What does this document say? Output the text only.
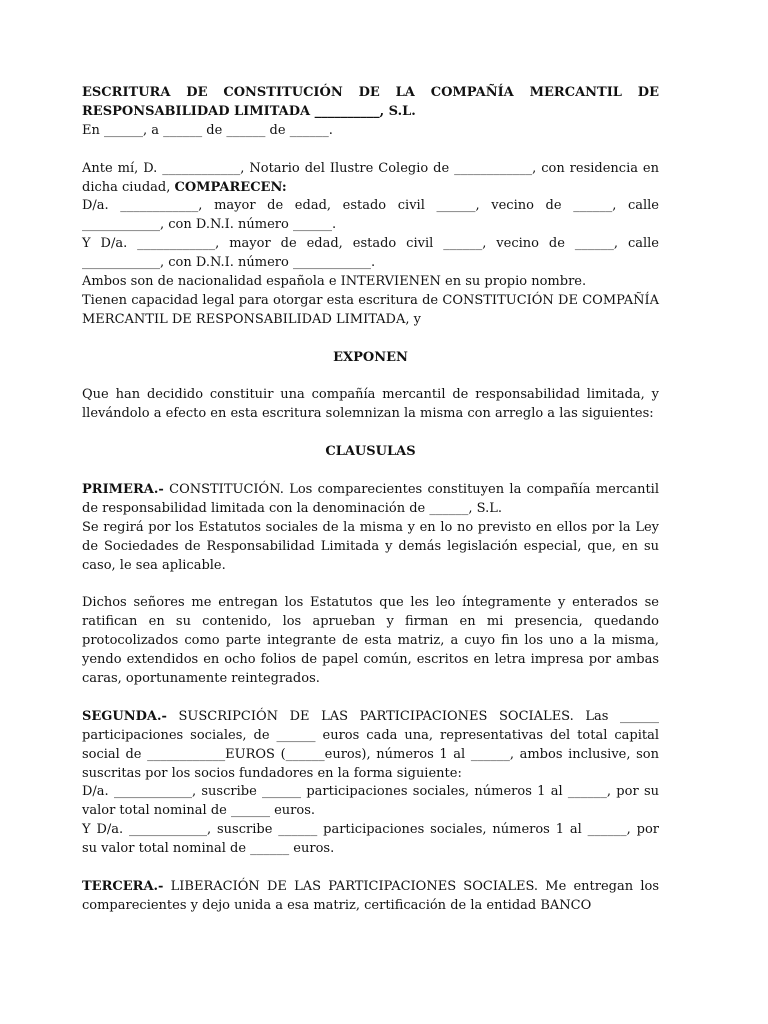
ESCRITURA DE CONSTITUCIÓN DE LA COMPAÑÍA MERCANTIL DE RESPONSABILIDAD LIMITADA __________, S.L.

En ______, a ______ de ______ de ______.

Ante mí, D. ____________, Notario del Ilustre Colegio de ____________, con residencia en dicha ciudad, COMPARECEN:

D/a. ____________, mayor de edad, estado civil ______, vecino de ______, calle ____________, con D.N.I. número ______.

Y D/a. ____________, mayor de edad, estado civil ______, vecino de ______, calle ____________, con D.N.I. número ____________.

Ambos son de nacionalidad española e INTERVIENEN en su propio nombre.

Tienen capacidad legal para otorgar esta escritura de CONSTITUCIÓN DE COMPAÑÍA MERCANTIL DE RESPONSABILIDAD LIMITADA, y

EXPONEN

Que han decidido constituir una compañía mercantil de responsabilidad limitada, y llevándolo a efecto en esta escritura solemnizan la misma con arreglo a las siguientes:

CLAUSULAS

PRIMERA.- CONSTITUCIÓN. Los comparecientes constituyen la compañía mercantil de responsabilidad limitada con la denominación de ______, S.L.

Se regirá por los Estatutos sociales de la misma y en lo no previsto en ellos por la Ley de Sociedades de Responsabilidad Limitada y demás legislación especial, que, en su caso, le sea aplicable.

Dichos señores me entregan los Estatutos que les leo íntegramente y enterados se ratifican en su contenido, los aprueban y firman en mi presencia, quedando protocolizados como parte integrante de esta matriz, a cuyo fin los uno a la misma, yendo extendidos en ocho folios de papel común, escritos en letra impresa por ambas caras, oportunamente reintegrados.

SEGUNDA.- SUSCRIPCIÓN DE LAS PARTICIPACIONES SOCIALES. Las ______ participaciones sociales, de ______ euros cada una, representativas del total capital social de ____________EUROS (______euros), números 1 al ______, ambos inclusive, son suscritas por los socios fundadores en la forma siguiente:

D/a. ____________, suscribe ______ participaciones sociales, números 1 al ______, por su valor total nominal de ______ euros.

Y D/a. ____________, suscribe ______ participaciones sociales, números 1 al ______, por su valor total nominal de ______ euros.

TERCERA.- LIBERACIÓN DE LAS PARTICIPACIONES SOCIALES. Me entregan los comparecientes y dejo unida a esa matriz, certificación de la entidad BANCO
